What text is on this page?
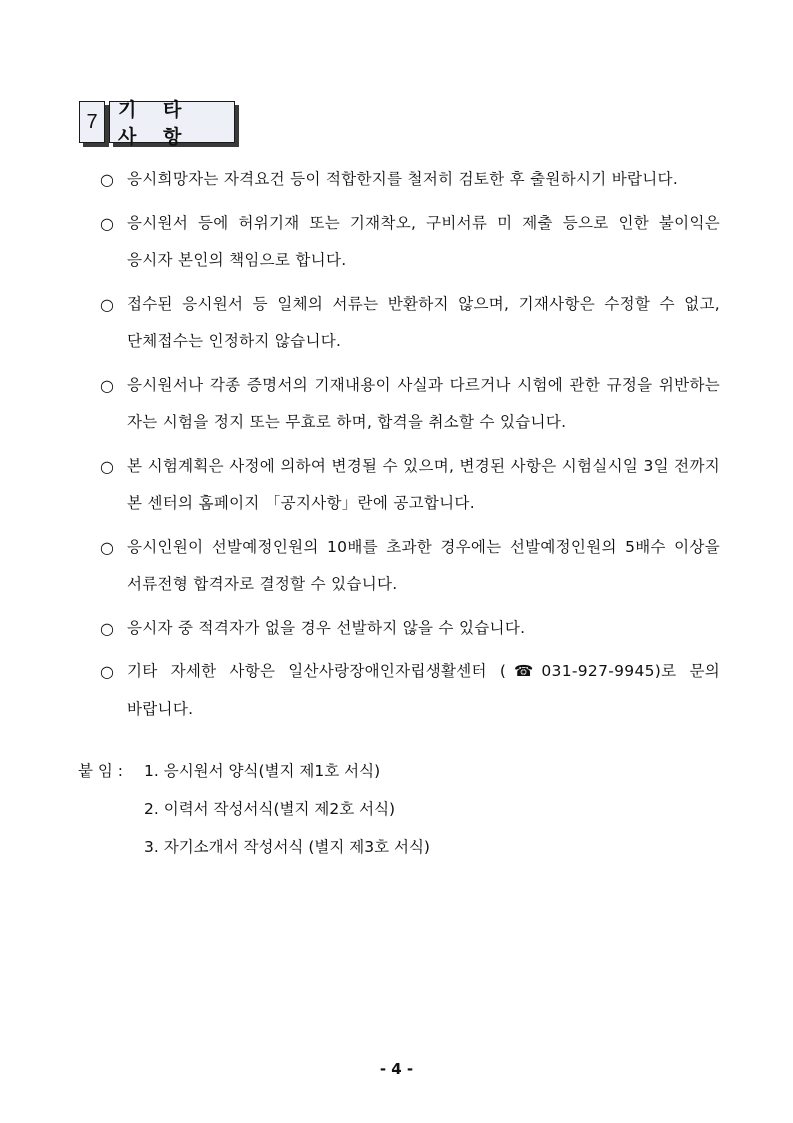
7
기 타 사 항
○ 응시희망자는 자격요건 등이 적합한지를 철저히 검토한 후 출원하시기 바랍니다.
○ 응시원서 등에 허위기재 또는 기재착오, 구비서류 미 제출 등으로 인한 불이익은 응시자 본인의 책임으로 합니다.
○ 접수된 응시원서 등 일체의 서류는 반환하지 않으며, 기재사항은 수정할 수 없고, 단체접수는 인정하지 않습니다.
○ 응시원서나 각종 증명서의 기재내용이 사실과 다르거나 시험에 관한 규정을 위반하는 자는 시험을 정지 또는 무효로 하며, 합격을 취소할 수 있습니다.
○ 본 시험계획은 사정에 의하여 변경될 수 있으며, 변경된 사항은 시험실시일 3일 전까지 본 센터의 홈페이지 「공지사항」란에 공고합니다.
○ 응시인원이 선발예정인원의 10배를 초과한 경우에는 선발예정인원의 5배수 이상을 서류전형 합격자로 결정할 수 있습니다.
○ 응시자 중 적격자가 없을 경우 선발하지 않을 수 있습니다.
○ 기타 자세한 사항은 일산사랑장애인자립생활센터 (☎031-927-9945)로 문의 바랍니다.
붙 임 :	1. 응시원서 양식(별지 제1호 서식)
2. 이력서 작성서식(별지 제2호 서식)
3. 자기소개서 작성서식 (별지 제3호 서식)
- 4 -
